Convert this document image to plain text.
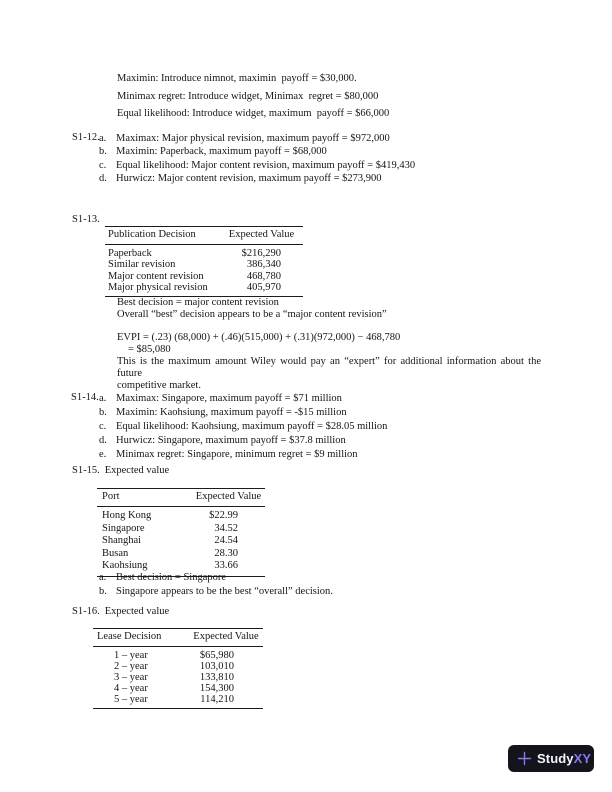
Maximin: Introduce nimnot, maximin  payoff = $30,000.
Minimax regret: Introduce widget, Minimax  regret = $80,000
Equal likelihood: Introduce widget, maximum  payoff = $66,000
S1-12. a. Maximax: Major physical revision, maximum payoff = $972,000
b. Maximin: Paperback, maximum payoff = $68,000
c. Equal likelihood: Major content revision, maximum payoff = $419,430
d. Hurwicz: Major content revision, maximum payoff = $273,900
S1-13.
Publication Decision	Expected Value
Paperback	$216,290
Similar revision	386,340
Major content revision	468,780
Major physical revision	405,970
Best decision = major content revision
Overall “best” decision appears to be a “major content revision”
EVPI = (.23) (68,000) + (.46)(515,000) + (.31)(972,000) − 468,780
= $85,080
This is the maximum amount Wiley would pay an “expert” for additional information about the future
competitive market.
S1-14. a. Maximax: Singapore, maximum payoff = $71 million
b. Maximin: Kaohsiung, maximum payoff = -$15 million
c. Equal likelihood: Kaohsiung, maximum payoff = $28.05 million
d. Hurwicz: Singapore, maximum payoff = $37.8 million
e. Minimax regret: Singapore, minimum regret = $9 million
S1-15. Expected value
Port	Expected Value
Hong Kong	$22.99
Singapore	34.52
Shanghai	24.54
Busan	28.30
Kaohsiung	33.66
a. Best decision = Singapore
b. Singapore appears to be the best “overall” decision.
S1-16. Expected value
Lease Decision	Expected Value
1 – year	$65,980
2 – year	103,010
3 – year	133,810
4 – year	154,300
5 – year	114,210
StudyXY
